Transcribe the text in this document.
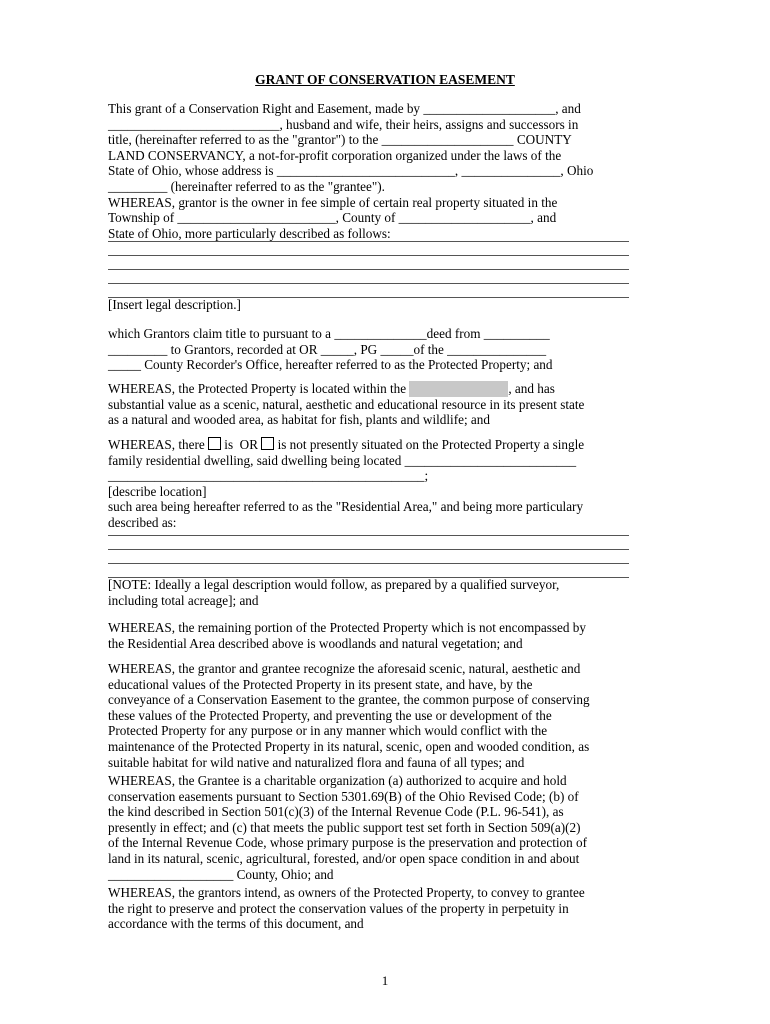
GRANT OF CONSERVATION EASEMENT
This grant of a Conservation Right and Easement, made by ____________________, and
__________________________, husband and wife, their heirs, assigns and successors in
title, (hereinafter referred to as the "grantor") to the ____________________ COUNTY
LAND CONSERVANCY, a not-for-profit corporation organized under the laws of the
State of Ohio, whose address is ___________________________, _______________, Ohio
_________ (hereinafter referred to as the "grantee").
WHEREAS, grantor is the owner in fee simple of certain real property situated in the
Township of ________________________, County of ____________________, and
State of Ohio, more particularly described as follows:
[Insert legal description.]
which Grantors claim title to pursuant to a ______________deed from __________
_________ to Grantors, recorded at OR _____, PG _____of the _______________
_____ County Recorder's Office, hereafter referred to as the Protected Property; and
WHEREAS, the Protected Property is located within the _______________, and has
substantial value as a scenic, natural, aesthetic and educational resource in its present state
as a natural and wooded area, as habitat for fish, plants and wildlife; and
WHEREAS, there  is  OR  is not presently situated on the Protected Property a single
family residential dwelling, said dwelling being located __________________________
________________________________________________;
[describe location]
such area being hereafter referred to as the "Residential Area," and being more particulary
described as:
[NOTE: Ideally a legal description would follow, as prepared by a qualified surveyor,
including total acreage]; and
WHEREAS, the remaining portion of the Protected Property which is not encompassed by
the Residential Area described above is woodlands and natural vegetation; and
WHEREAS, the grantor and grantee recognize the aforesaid scenic, natural, aesthetic and
educational values of the Protected Property in its present state, and have, by the
conveyance of a Conservation Easement to the grantee, the common purpose of conserving
these values of the Protected Property, and preventing the use or development of the
Protected Property for any purpose or in any manner which would conflict with the
maintenance of the Protected Property in its natural, scenic, open and wooded condition, as
suitable habitat for wild native and naturalized flora and fauna of all types; and
WHEREAS, the Grantee is a charitable organization (a) authorized to acquire and hold
conservation easements pursuant to Section 5301.69(B) of the Ohio Revised Code; (b) of
the kind described in Section 501(c)(3) of the Internal Revenue Code (P.L. 96-541), as
presently in effect; and (c) that meets the public support test set forth in Section 509(a)(2)
of the Internal Revenue Code, whose primary purpose is the preservation and protection of
land in its natural, scenic, agricultural, forested, and/or open space condition in and about
___________________ County, Ohio; and
WHEREAS, the grantors intend, as owners of the Protected Property, to convey to grantee
the right to preserve and protect the conservation values of the property in perpetuity in
accordance with the terms of this document, and
1
